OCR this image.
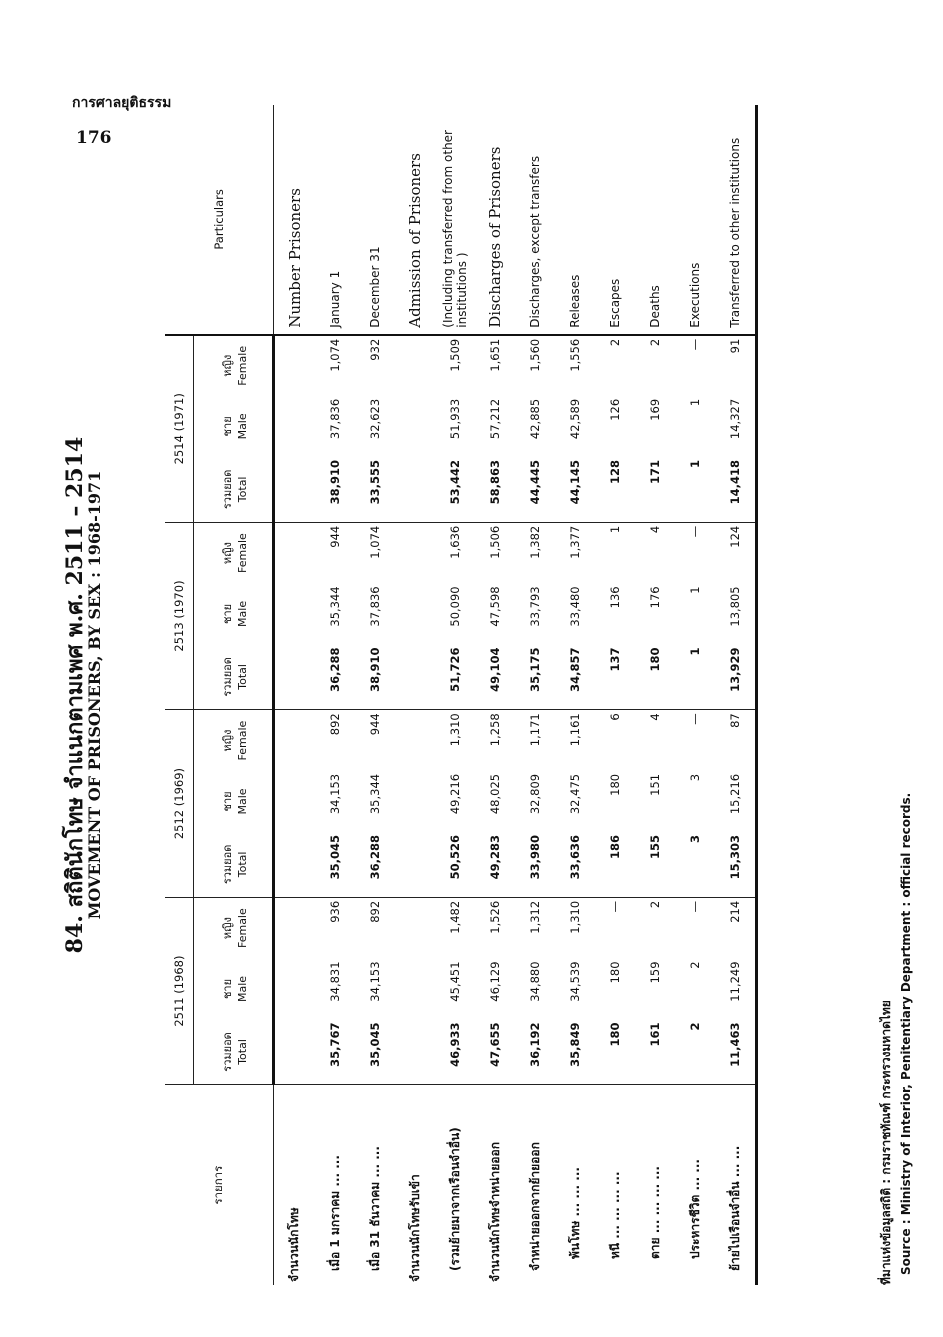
การศาลยุติธรรม
176
84. สถิตินักโทษ จำแนกตามเพศ พ.ศ. 2511 – 2514
MOVEMENT OF PRISONERS, BY SEX : 1968-1971
รายการ	2511 (1968)			2512 (1969)			2513 (1970)			2514 (1971)			Particulars

	รวมยอด Total	ชาย Male	หญิง Female	รวมยอด Total	ชาย Male	หญิง Female	รวมยอด Total	ชาย Male	หญิง Female	รวมยอด Total	ชาย Male	หญิง Female	

จำนวนนักโทษ													Number Prisoners
เมื่อ 1 มกราคม ... ...	35,767	34,831	936	35,045	34,153	892	36,288	35,344	944	38,910	37,836	1,074	January 1
เมื่อ 31 ธันวาคม ... ...	35,045	34,153	892	36,288	35,344	944	38,910	37,836	1,074	33,555	32,623	932	December 31
จำนวนนักโทษรับเข้า													Admission of Prisoners
(รวมย้ายมาจากเรือนจำอื่น)	46,933	45,451	1,482	50,526	49,216	1,310	51,726	50,090	1,636	53,442	51,933	1,509	(Including transferred from other institutions )
จำนวนนักโทษจำหน่ายออก	47,655	46,129	1,526	49,283	48,025	1,258	49,104	47,598	1,506	58,863	57,212	1,651	Discharges of Prisoners
จำหน่ายออกจากย้ายออก	36,192	34,880	1,312	33,980	32,809	1,171	35,175	33,793	1,382	44,445	42,885	1,560	Discharges, except transfers
พ้นโทษ ... ... ...	35,849	34,539	1,310	33,636	32,475	1,161	34,857	33,480	1,377	44,145	42,589	1,556	Releases
หนี ... ... ... ...	180	180	—	186	180	6	137	136	1	128	126	2	Escapes
ตาย ... ... ... ...	161	159	2	155	151	4	180	176	4	171	169	2	Deaths
ประหารชีวิต ... ...	2	2	—	3	3	—	1	1	—	1	1	—	Executions
ย้ายไปเรือนจำอื่น ... ...	11,463	11,249	214	15,303	15,216	87	13,929	13,805	124	14,418	14,327	91	Transferred to other institutions
ที่มาแห่งข้อมูลสถิติ : กรมราชทัณฑ์ กระทรวงมหาดไทย Source : Ministry of Interior, Penitentiary Department : official records.
